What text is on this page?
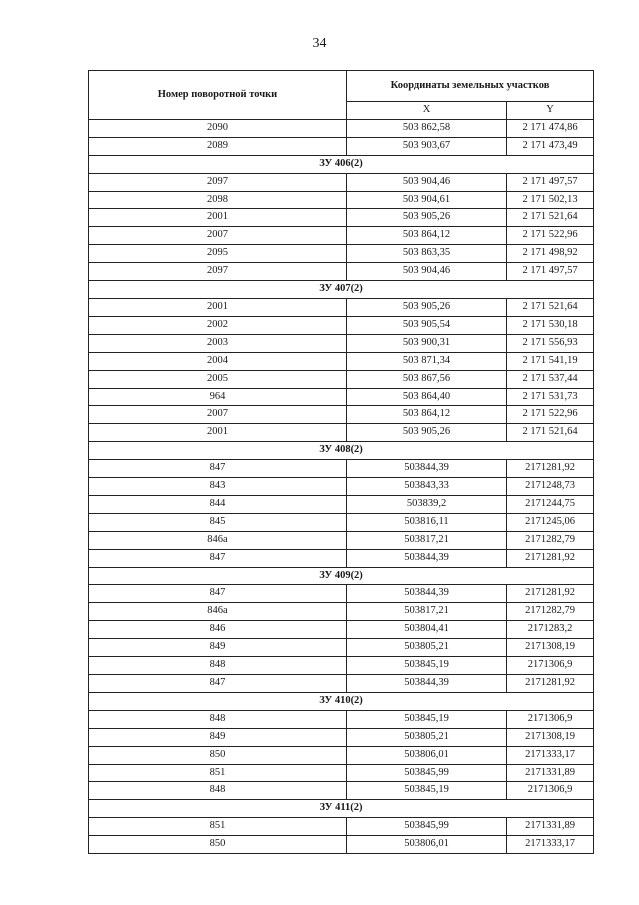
34
Номер поворотной точки	Координаты земельных участков	
	X	Y
2090	503 862,58	2 171 474,86
2089	503 903,67	2 171 473,49
ЗУ 406(2)		
2097	503 904,46	2 171 497,57
2098	503 904,61	2 171 502,13
2001	503 905,26	2 171 521,64
2007	503 864,12	2 171 522,96
2095	503 863,35	2 171 498,92
2097	503 904,46	2 171 497,57
ЗУ 407(2)		
2001	503 905,26	2 171 521,64
2002	503 905,54	2 171 530,18
2003	503 900,31	2 171 556,93
2004	503 871,34	2 171 541,19
2005	503 867,56	2 171 537,44
964	503 864,40	2 171 531,73
2007	503 864,12	2 171 522,96
2001	503 905,26	2 171 521,64
ЗУ 408(2)		
847	503844,39	2171281,92
843	503843,33	2171248,73
844	503839,2	2171244,75
845	503816,11	2171245,06
846а	503817,21	2171282,79
847	503844,39	2171281,92
ЗУ 409(2)		
847	503844,39	2171281,92
846а	503817,21	2171282,79
846	503804,41	2171283,2
849	503805,21	2171308,19
848	503845,19	2171306,9
847	503844,39	2171281,92
ЗУ 410(2)		
848	503845,19	2171306,9
849	503805,21	2171308,19
850	503806,01	2171333,17
851	503845,99	2171331,89
848	503845,19	2171306,9
ЗУ 411(2)		
851	503845,99	2171331,89
850	503806,01	2171333,17
